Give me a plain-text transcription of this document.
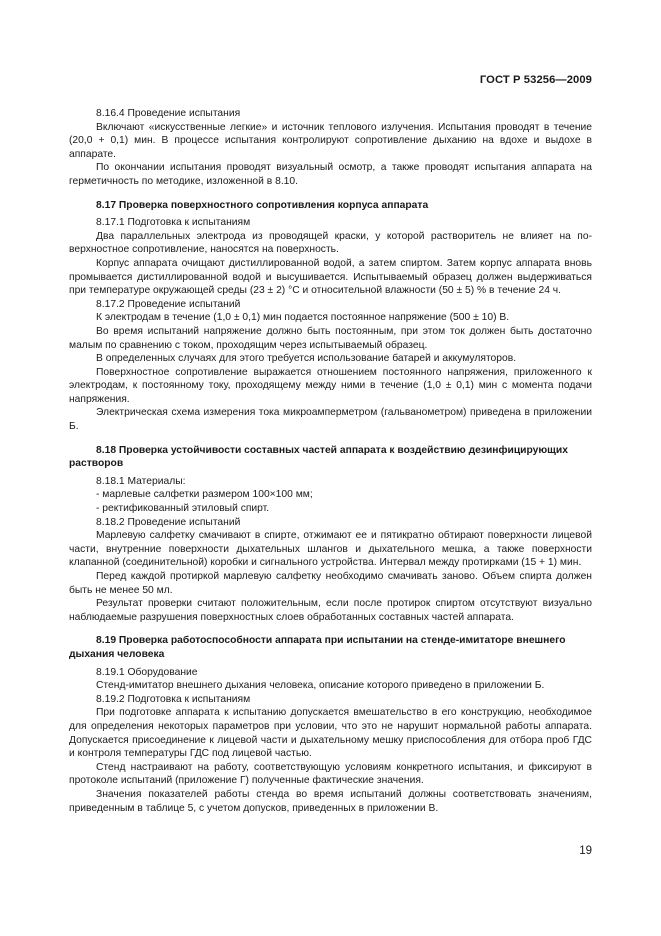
ГОСТ Р 53256—2009

8.16.4 Проведение испытания

Включают «искусственные легкие» и источник теплового излучения. Испытания проводят в течение (20,0 + 0,1) мин. В процессе испытания контролируют сопротивление дыханию на вдохе и выдохе в аппарате.

По окончании испытания проводят визуальный осмотр, а также проводят испытания аппарата на герметичность по методике, изложенной в 8.10.

8.17 Проверка поверхностного сопротивления корпуса аппарата

8.17.1 Подготовка к испытаниям

Два параллельных электрода из проводящей краски, у которой растворитель не влияет на поверхностное сопротивление, наносятся на поверхность.

Корпус аппарата очищают дистиллированной водой, а затем спиртом. Затем корпус аппарата вновь промывается дистиллированной водой и высушивается. Испытываемый образец должен выдерживаться при температуре окружающей среды (23 ± 2) °С и относительной влажности (50 ± 5) % в течение 24 ч.

8.17.2 Проведение испытаний

К электродам в течение (1,0 ± 0,1) мин подается постоянное напряжение (500 ± 10) В.

Во время испытаний напряжение должно быть постоянным, при этом ток должен быть достаточно малым по сравнению с током, проходящим через испытываемый образец.

В определенных случаях для этого требуется использование батарей и аккумуляторов.

Поверхностное сопротивление выражается отношением постоянного напряжения, приложенного к электродам, к постоянному току, проходящему между ними в течение (1,0 ± 0,1) мин с момента подачи напряжения.

Электрическая схема измерения тока микроамперметром (гальванометром) приведена в приложении Б.

8.18 Проверка устойчивости составных частей аппарата к воздействию дезинфицирующих растворов

8.18.1 Материалы:

- марлевые салфетки размером 100×100 мм;

- ректификованный этиловый спирт.

8.18.2 Проведение испытаний

Марлевую салфетку смачивают в спирте, отжимают ее и пятикратно обтирают поверхности лицевой части, внутренние поверхности дыхательных шлангов и дыхательного мешка, а также поверхности клапанной (соединительной) коробки и сигнального устройства. Интервал между протирками (15 + 1) мин.

Перед каждой протиркой марлевую салфетку необходимо смачивать заново. Объем спирта должен быть не менее 50 мл.

Результат проверки считают положительным, если после протирок спиртом отсутствуют визуально наблюдаемые разрушения поверхностных слоев обработанных составных частей аппарата.

8.19 Проверка работоспособности аппарата при испытании на стенде-имитаторе внешнего дыхания человека

8.19.1 Оборудование

Стенд-имитатор внешнего дыхания человека, описание которого приведено в приложении Б.

8.19.2 Подготовка к испытаниям

При подготовке аппарата к испытанию допускается вмешательство в его конструкцию, необходимое для определения некоторых параметров при условии, что это не нарушит нормальной работы аппарата. Допускается присоединение к лицевой части и дыхательному мешку приспособления для отбора проб ГДС и контроля температуры ГДС под лицевой частью.

Стенд настраивают на работу, соответствующую условиям конкретного испытания, и фиксируют в протоколе испытаний (приложение Г) полученные фактические значения.

Значения показателей работы стенда во время испытаний должны соответствовать значениям, приведенным в таблице 5, с учетом допусков, приведенных в приложении В.

19
